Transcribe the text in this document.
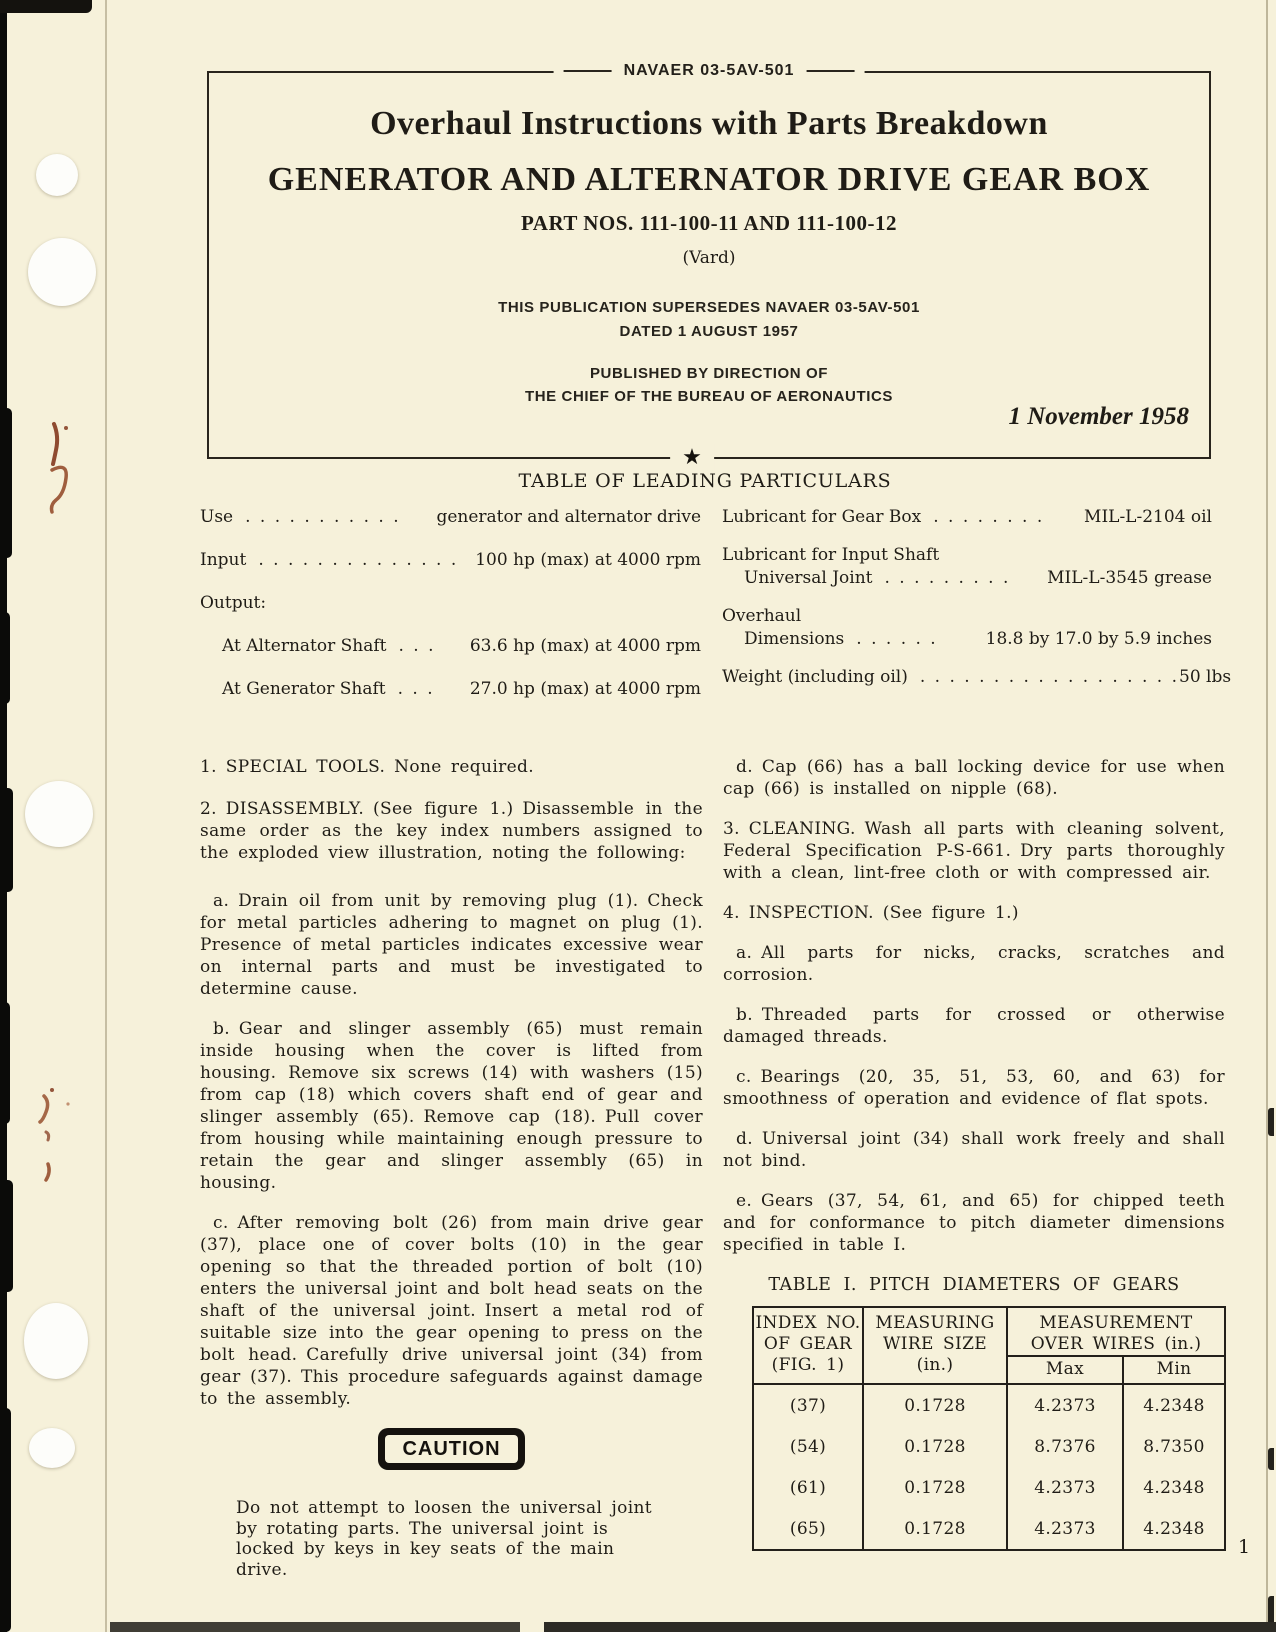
NAVAER 03-5AV-501
Overhaul Instructions with Parts Breakdown
GENERATOR AND ALTERNATOR DRIVE GEAR BOX
PART NOS. 111-100-11 AND 111-100-12
(Vard)
THIS PUBLICATION SUPERSEDES NAVAER 03-5AV-501
DATED 1 AUGUST 1957
PUBLISHED BY DIRECTION OF
THE CHIEF OF THE BUREAU OF AERONAUTICS
1 November 1958
★
TABLE OF LEADING PARTICULARS
Use . . . . . . . . . . . generator and alternator drive
Input . . . . . . . . . . . . . . 100 hp (max) at 4000 rpm
Output:
At Alternator Shaft . . . 63.6 hp (max) at 4000 rpm
At Generator Shaft . . . 27.0 hp (max) at 4000 rpm
Lubricant for Gear Box . . . . . . . . MIL-L-2104 oil
Lubricant for Input Shaft
Universal Joint . . . . . . . . . MIL-L-3545 grease
Overhaul
Dimensions . . . . . .	18.8 by 17.0 by 5.9 inches
Weight (including oil) . . . . . . . . . . . . . . . . . . 50 lbs

1. SPECIAL TOOLS. None required.

2. DISASSEMBLY. (See figure 1.) Disassemble in the same order as the key index numbers assigned to the exploded view illustration, noting the following:

a. Drain oil from unit by removing plug (1). Check for metal particles adhering to magnet on plug (1). Presence of metal particles indicates excessive wear on internal parts and must be investigated to determine cause.

b. Gear and slinger assembly (65) must remain inside housing when the cover is lifted from housing. Remove six screws (14) with washers (15) from cap (18) which covers shaft end of gear and slinger assembly (65). Remove cap (18). Pull cover from housing while maintaining enough pressure to retain the gear and slinger assembly (65) in housing.

c. After removing bolt (26) from main drive gear (37), place one of cover bolts (10) in the gear opening so that the threaded portion of bolt (10) enters the universal joint and bolt head seats on the shaft of the universal joint. Insert a metal rod of suitable size into the gear opening to press on the bolt head. Carefully drive universal joint (34) from gear (37). This procedure safeguards against damage to the assembly.

CAUTION

Do not attempt to loosen the universal joint by rotating parts. The universal joint is locked by keys in key seats of the main drive.

d. Cap (66) has a ball locking device for use when cap (66) is installed on nipple (68).

3. CLEANING. Wash all parts with cleaning solvent, Federal Specification P-S-661. Dry parts thoroughly with a clean, lint-free cloth or with compressed air.

4. INSPECTION. (See figure 1.)

a. All parts for nicks, cracks, scratches and corrosion.

b. Threaded parts for crossed or otherwise damaged threads.

c. Bearings (20, 35, 51, 53, 60, and 63) for smoothness of operation and evidence of flat spots.

d. Universal joint (34) shall work freely and shall not bind.

e. Gears (37, 54, 61, and 65) for chipped teeth and for conformance to pitch diameter dimensions specified in table I.

TABLE I. PITCH DIAMETERS OF GEARS
INDEX NO.
OF GEAR
(FIG. 1)	MEASURING
WIRE SIZE
(in.)	MEASUREMENT
OVER WIRES (in.)	

		Max	Min
(37)	0.1728	4.2373	4.2348
(54)	0.1728	8.7376	8.7350
(61)	0.1728	4.2373	4.2348
(65)	0.1728	4.2373	4.2348
1
